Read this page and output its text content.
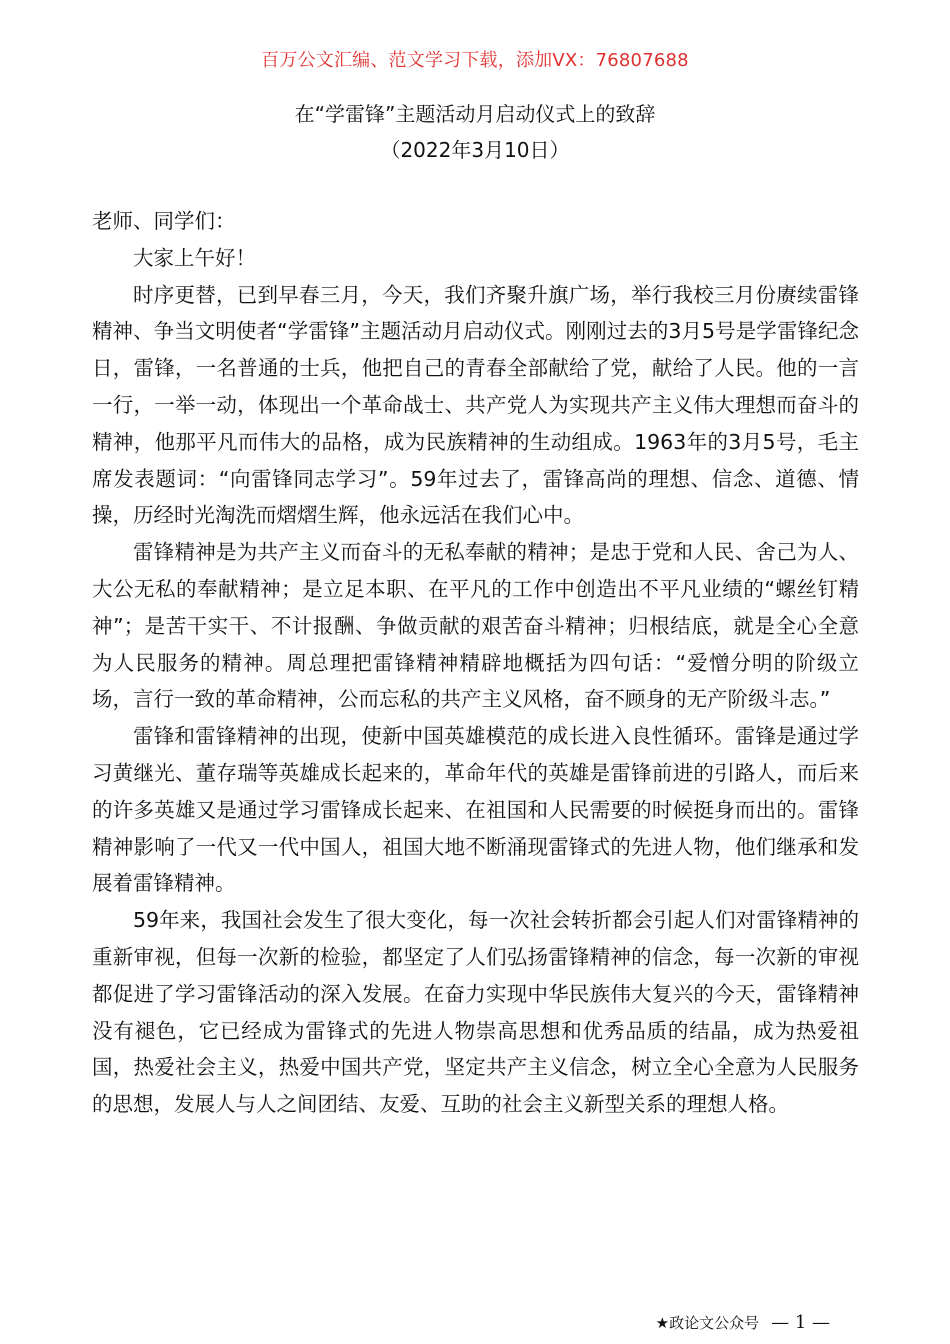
百万公文汇编、范文学习下载，添加VX：76807688
在“学雷锋”主题活动月启动仪式上的致辞
（2022年3月10日）

老师、同学们：

大家上午好！

时序更替，已到早春三月，今天，我们齐聚升旗广场，举行我校三月份赓续雷锋精神、争当文明使者“学雷锋”主题活动月启动仪式。刚刚过去的3月5号是学雷锋纪念日，雷锋，一名普通的士兵，他把自己的青春全部献给了党，献给了人民。他的一言一行，一举一动，体现出一个革命战士、共产党人为实现共产主义伟大理想而奋斗的精神，他那平凡而伟大的品格，成为民族精神的生动组成。1963年的3月5号，毛主席发表题词：“向雷锋同志学习”。59年过去了，雷锋高尚的理想、信念、道德、情操，历经时光淘洗而熠熠生辉，他永远活在我们心中。

雷锋精神是为共产主义而奋斗的无私奉献的精神；是忠于党和人民、舍己为人、大公无私的奉献精神；是立足本职、在平凡的工作中创造出不平凡业绩的“螺丝钉精神”；是苦干实干、不计报酬、争做贡献的艰苦奋斗精神；归根结底，就是全心全意为人民服务的精神。周总理把雷锋精神精辟地概括为四句话：“爱憎分明的阶级立场，言行一致的革命精神，公而忘私的共产主义风格，奋不顾身的无产阶级斗志。”

雷锋和雷锋精神的出现，使新中国英雄模范的成长进入良性循环。雷锋是通过学习黄继光、董存瑞等英雄成长起来的，革命年代的英雄是雷锋前进的引路人，而后来的许多英雄又是通过学习雷锋成长起来、在祖国和人民需要的时候挺身而出的。雷锋精神影响了一代又一代中国人，祖国大地不断涌现雷锋式的先进人物，他们继承和发展着雷锋精神。

59年来，我国社会发生了很大变化，每一次社会转折都会引起人们对雷锋精神的重新审视，但每一次新的检验，都坚定了人们弘扬雷锋精神的信念，每一次新的审视都促进了学习雷锋活动的深入发展。在奋力实现中华民族伟大复兴的今天，雷锋精神没有褪色，它已经成为雷锋式的先进人物崇高思想和优秀品质的结晶，成为热爱祖国，热爱社会主义，热爱中国共产党，坚定共产主义信念，树立全心全意为人民服务的思想，发展人与人之间团结、友爱、互助的社会主义新型关系的理想人格。

★政论文公众号 — 1 —
